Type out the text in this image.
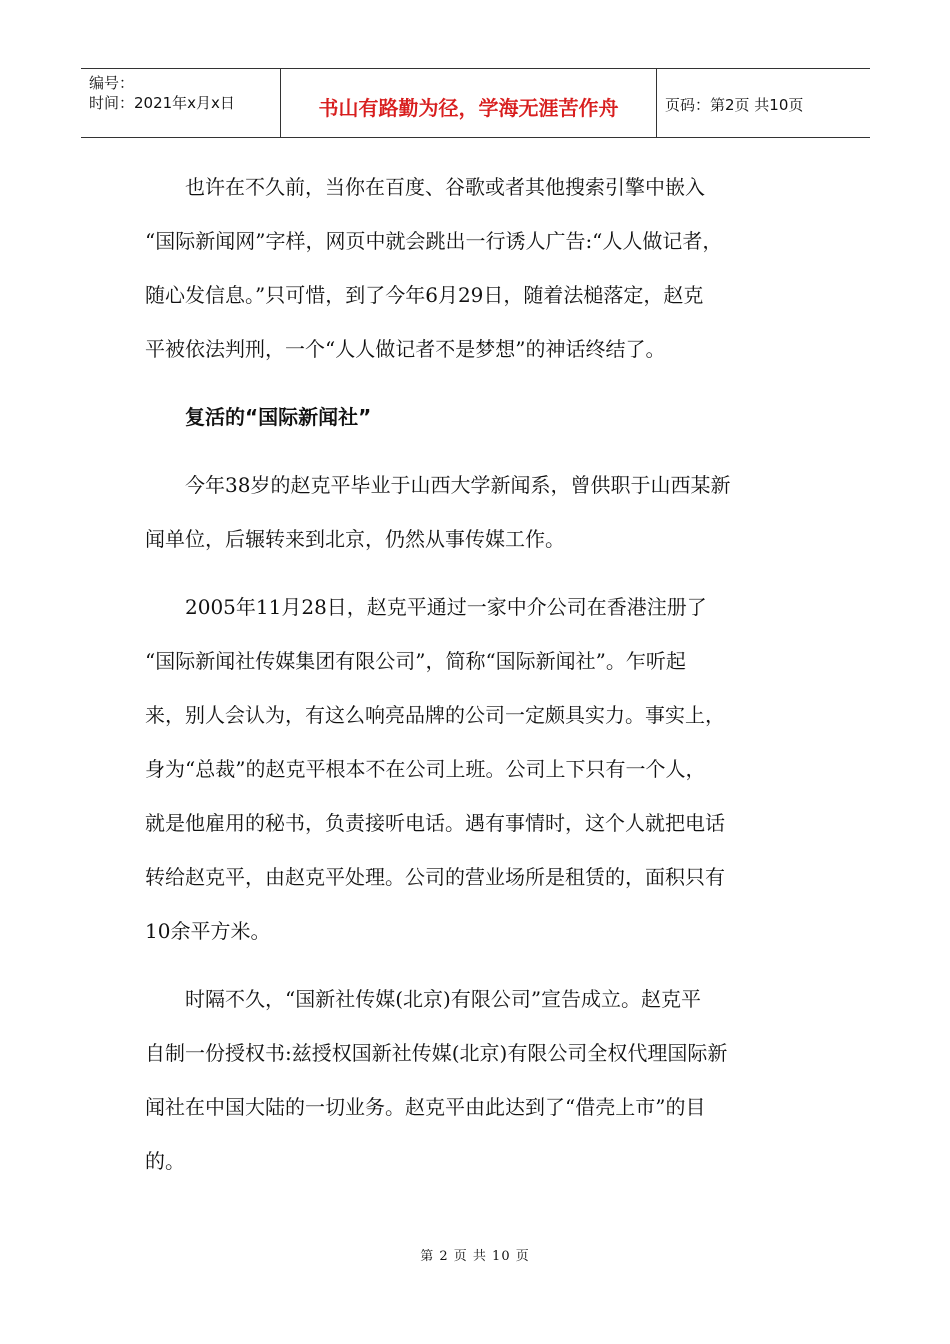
编号：
时间：2021年x月x日	书山有路勤为径，学海无涯苦作舟	页码：第2页 共10页

　　也许在不久前，当你在百度、谷歌或者其他搜索引擎中嵌入
“国际新闻网”字样，网页中就会跳出一行诱人广告:“人人做记者，
随心发信息。”只可惜，到了今年6月29日，随着法槌落定，赵克
平被依法判刑，一个“人人做记者不是梦想”的神话终结了。

　　复活的“国际新闻社”

　　今年38岁的赵克平毕业于山西大学新闻系，曾供职于山西某新
闻单位，后辗转来到北京，仍然从事传媒工作。

　　2005年11月28日，赵克平通过一家中介公司在香港注册了
“国际新闻社传媒集团有限公司”，简称“国际新闻社”。乍听起
来，别人会认为，有这么响亮品牌的公司一定颇具实力。事实上，
身为“总裁”的赵克平根本不在公司上班。公司上下只有一个人，
就是他雇用的秘书，负责接听电话。遇有事情时，这个人就把电话
转给赵克平，由赵克平处理。公司的营业场所是租赁的，面积只有
10余平方米。

　　时隔不久，“国新社传媒(北京)有限公司”宣告成立。赵克平
自制一份授权书:兹授权国新社传媒(北京)有限公司全权代理国际新
闻社在中国大陆的一切业务。赵克平由此达到了“借壳上市”的目
的。

第 2 页 共 10 页
